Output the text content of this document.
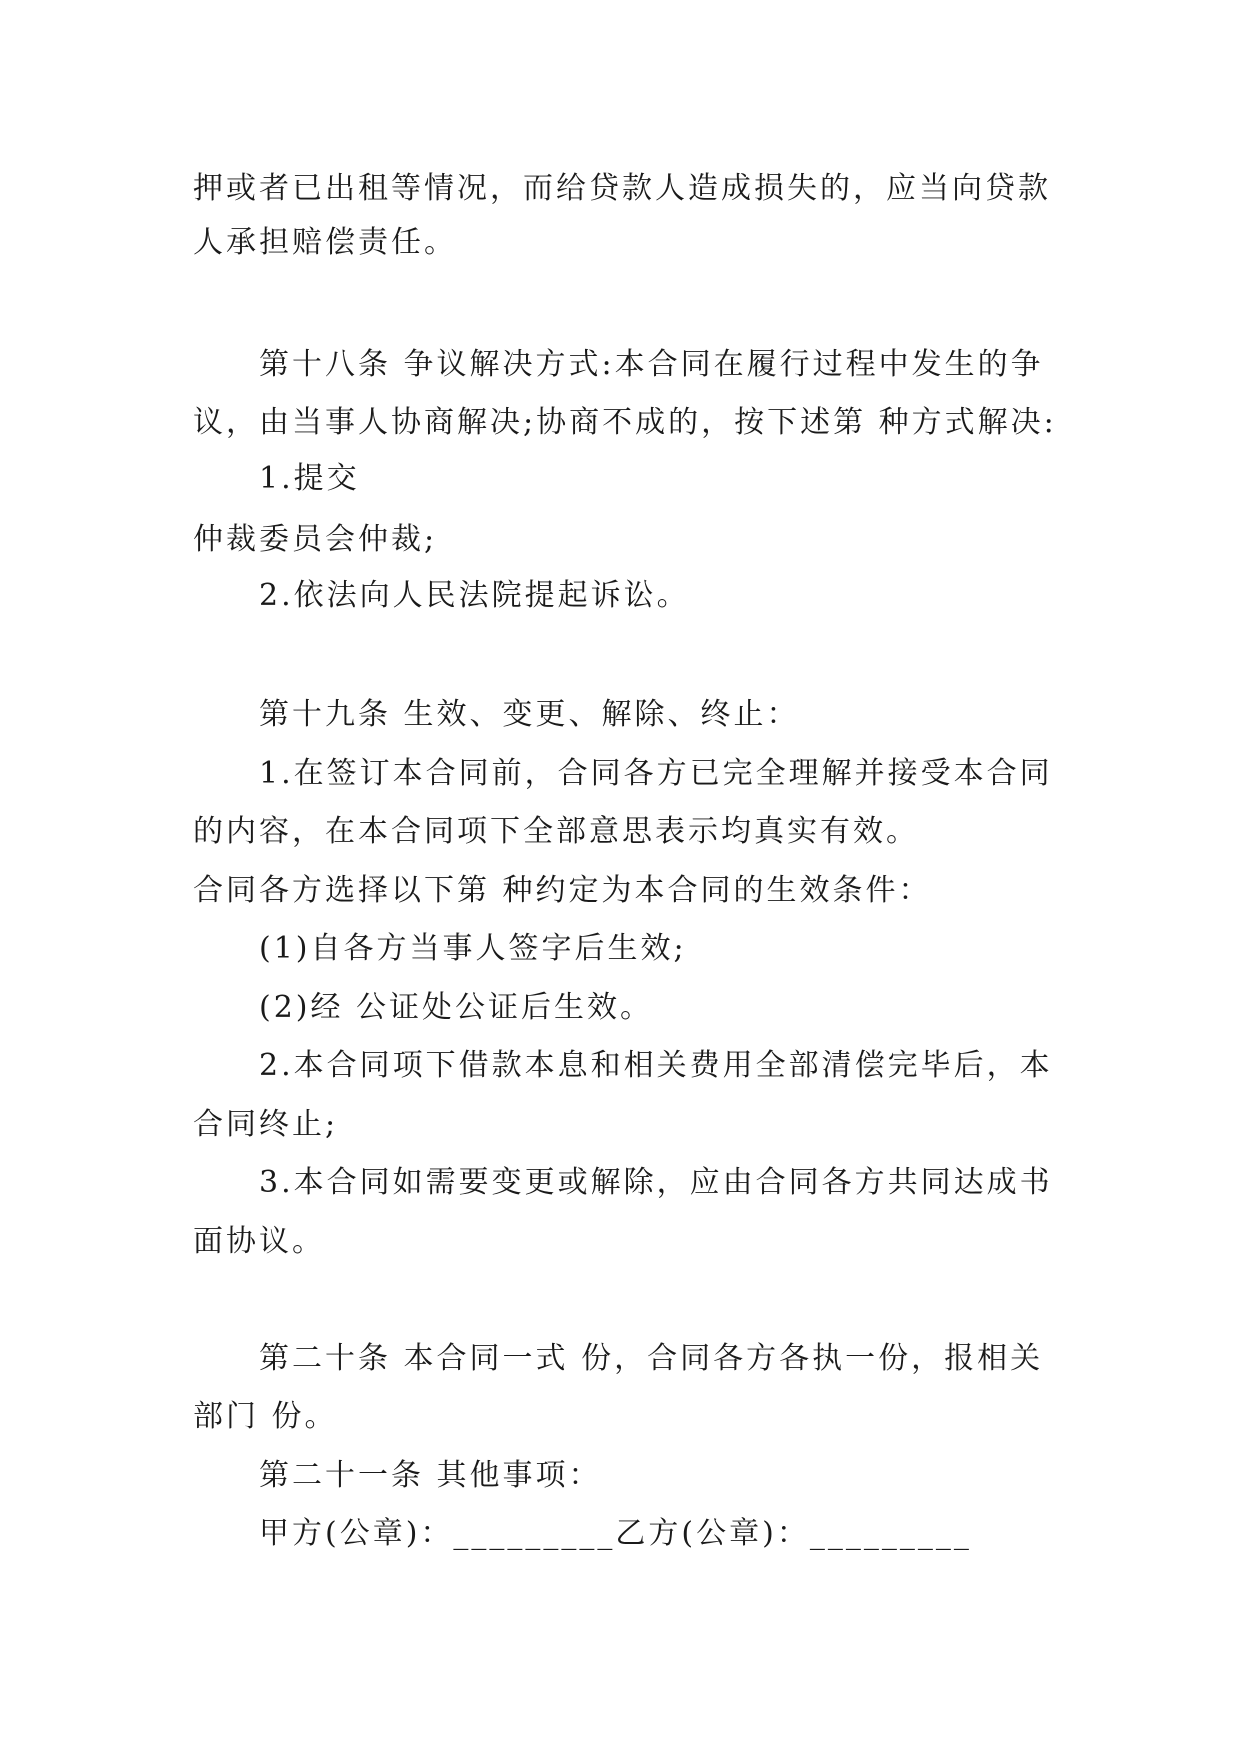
押或者已出租等情况，而给贷款人造成损失的，应当向贷款
人承担赔偿责任。
第十八条 争议解决方式:本合同在履行过程中发生的争
议，由当事人协商解决;协商不成的，按下述第 种方式解决:
1.提交
仲裁委员会仲裁;
2.依法向人民法院提起诉讼。
第十九条 生效、变更、解除、终止：
1.在签订本合同前，合同各方已完全理解并接受本合同
的内容，在本合同项下全部意思表示均真实有效。
合同各方选择以下第 种约定为本合同的生效条件：
(1)自各方当事人签字后生效;
(2)经 公证处公证后生效。
2.本合同项下借款本息和相关费用全部清偿完毕后，本
合同终止;
3.本合同如需要变更或解除，应由合同各方共同达成书
面协议。
第二十条 本合同一式 份，合同各方各执一份，报相关
部门 份。
第二十一条 其他事项：
甲方(公章)：_________乙方(公章)：_________
